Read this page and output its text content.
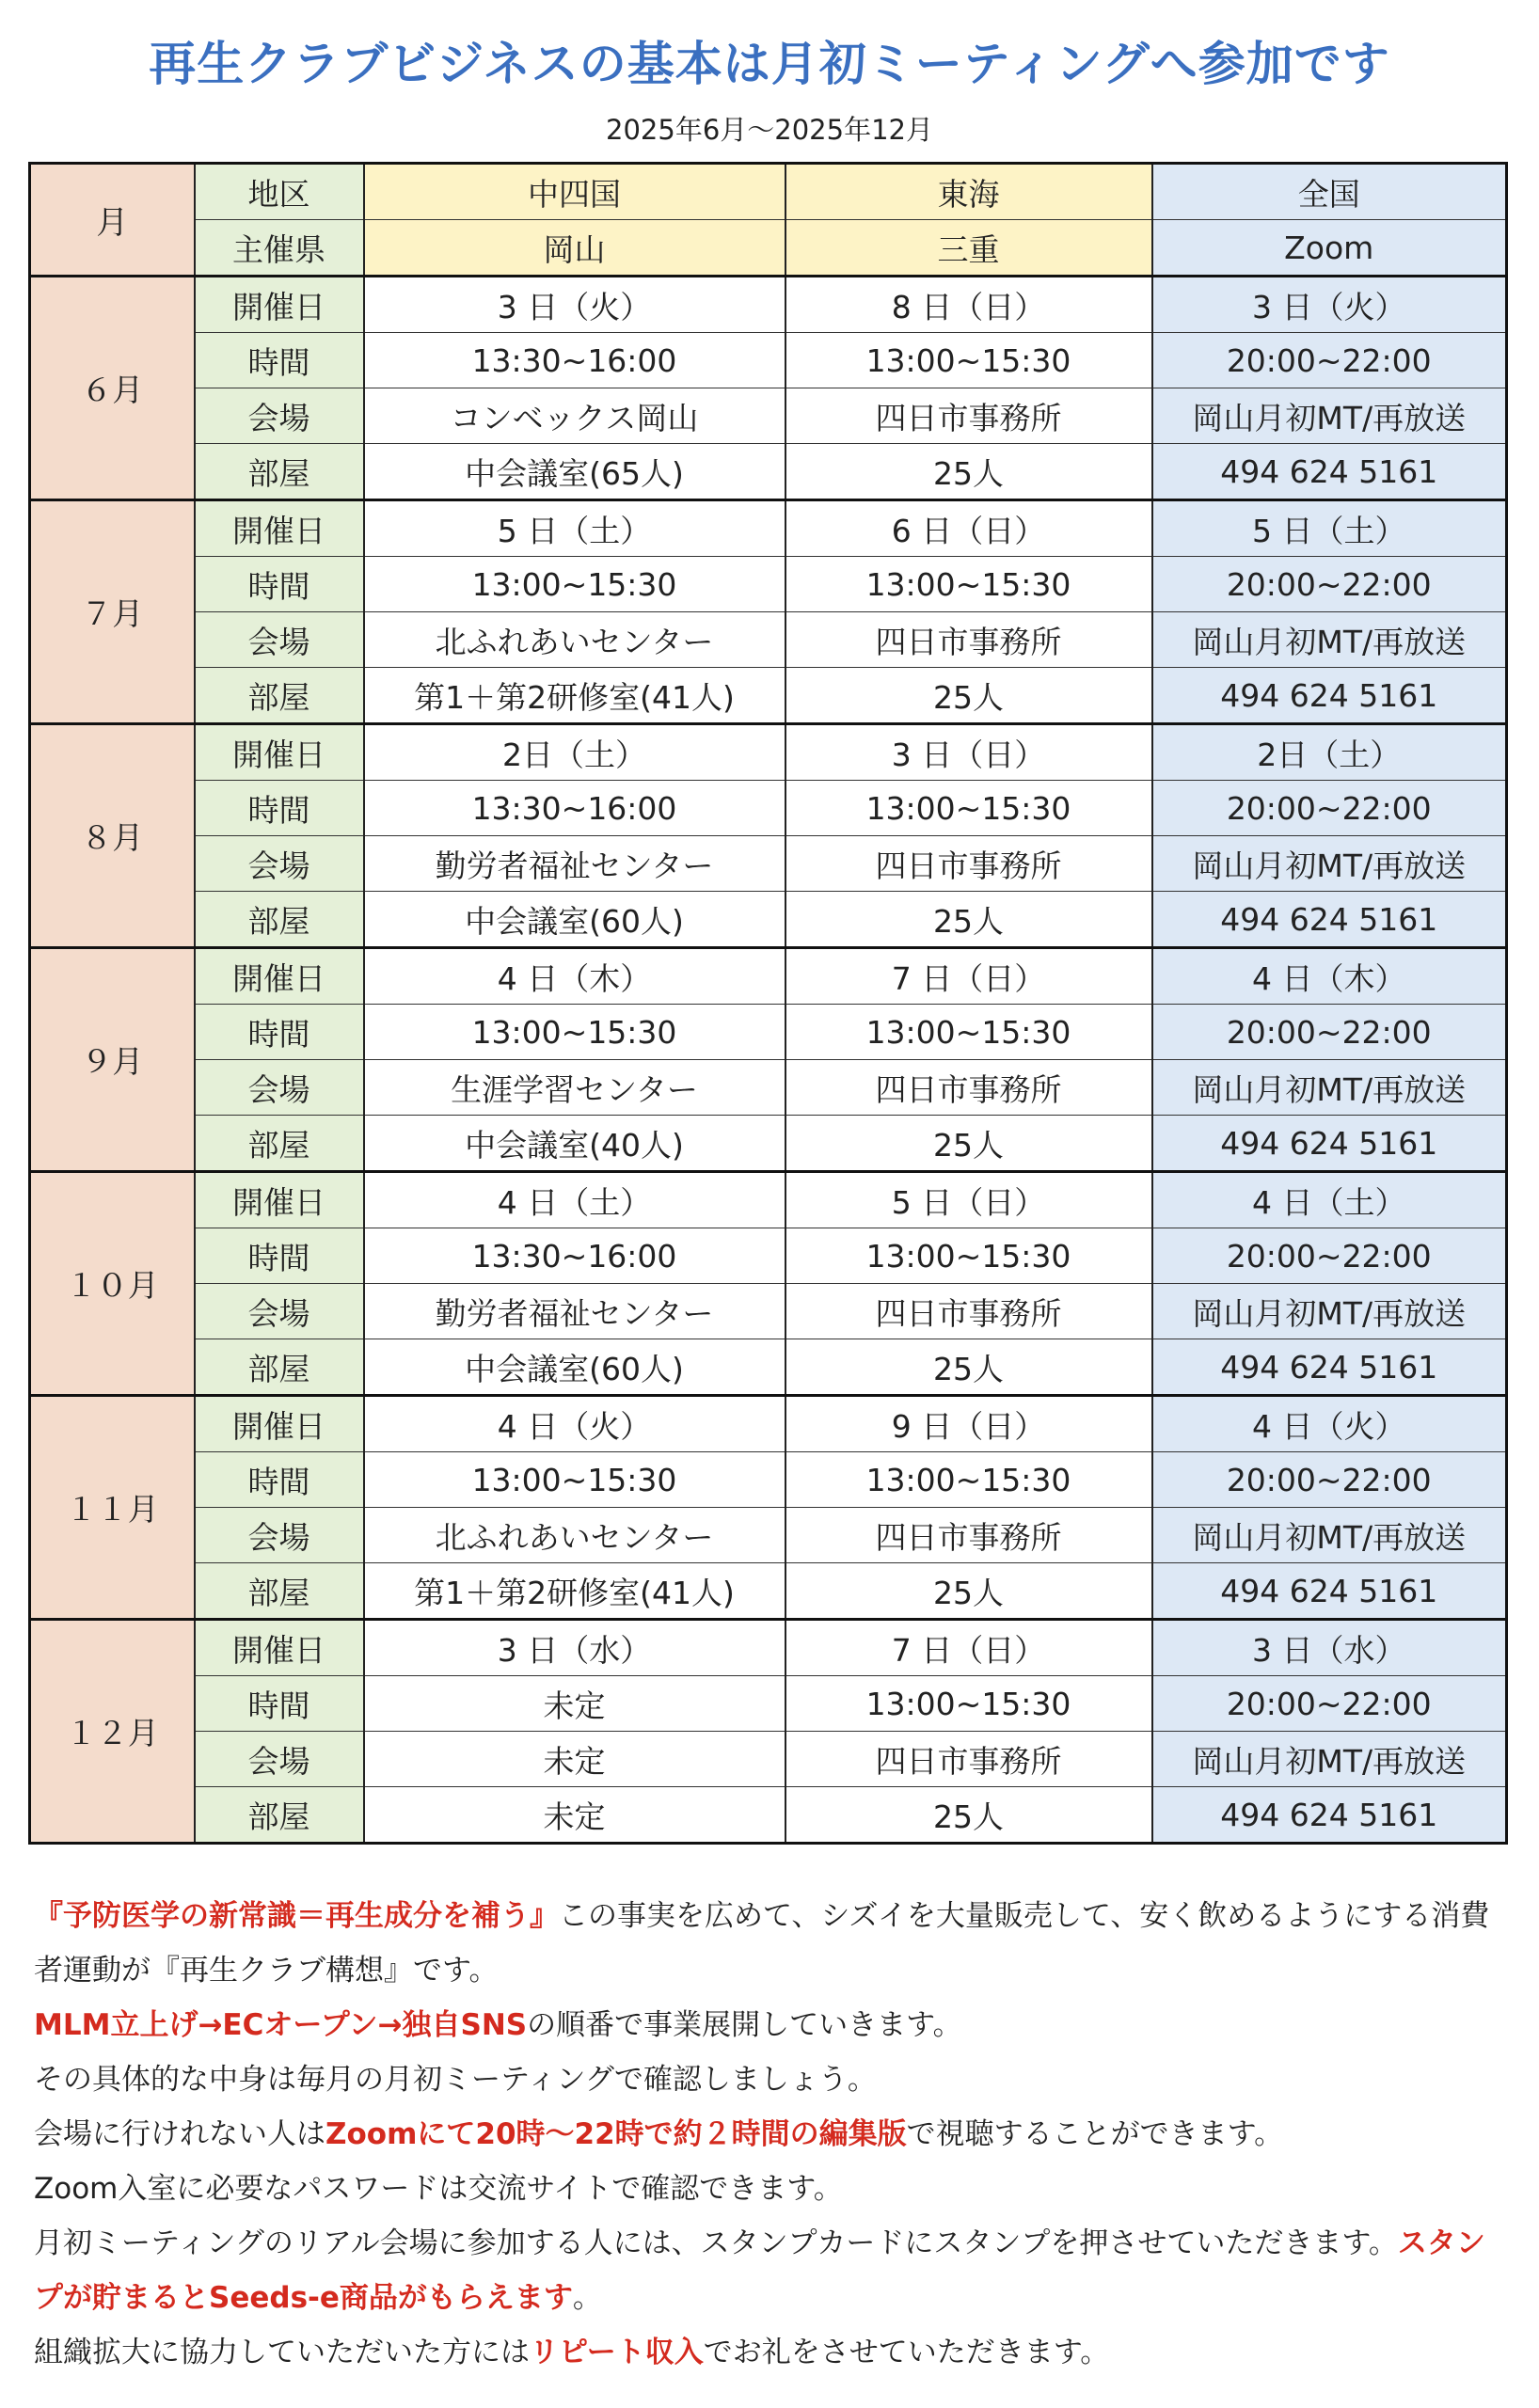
再生クラブビジネスの基本は月初ミーティングへ参加です
2025年6月～2025年12月
月	地区	中四国	東海	全国
	主催県	岡山	三重	Zoom
６月	開催日	3 日（火）	8 日（日）	3 日（火）
	時間	13:30~16:00	13:00~15:30	20:00~22:00
	会場	コンベックス岡山	四日市事務所	岡山月初MT/再放送
	部屋	中会議室(65人)	25人	494 624 5161
７月	開催日	5 日（土）	6 日（日）	5 日（土）
	時間	13:00~15:30	13:00~15:30	20:00~22:00
	会場	北ふれあいセンター	四日市事務所	岡山月初MT/再放送
	部屋	第1＋第2研修室(41人)	25人	494 624 5161
８月	開催日	2日（土）	3 日（日）	2日（土）
	時間	13:30~16:00	13:00~15:30	20:00~22:00
	会場	勤労者福祉センター	四日市事務所	岡山月初MT/再放送
	部屋	中会議室(60人)	25人	494 624 5161
９月	開催日	4 日（木）	7 日（日）	4 日（木）
	時間	13:00~15:30	13:00~15:30	20:00~22:00
	会場	生涯学習センター	四日市事務所	岡山月初MT/再放送
	部屋	中会議室(40人)	25人	494 624 5161
１０月	開催日	4 日（土）	5 日（日）	4 日（土）
	時間	13:30~16:00	13:00~15:30	20:00~22:00
	会場	勤労者福祉センター	四日市事務所	岡山月初MT/再放送
	部屋	中会議室(60人)	25人	494 624 5161
１１月	開催日	4 日（火）	9 日（日）	4 日（火）
	時間	13:00~15:30	13:00~15:30	20:00~22:00
	会場	北ふれあいセンター	四日市事務所	岡山月初MT/再放送
	部屋	第1＋第2研修室(41人)	25人	494 624 5161
１２月	開催日	3 日（水）	7 日（日）	3 日（水）
	時間	未定	13:00~15:30	20:00~22:00
	会場	未定	四日市事務所	岡山月初MT/再放送
	部屋	未定	25人	494 624 5161

『予防医学の新常識＝再生成分を補う』この事実を広めて、シズイを大量販売して、安く飲めるようにする消費者運動が『再生クラブ構想』です。

MLM立上げ→ECオープン→独自SNSの順番で事業展開していきます。

その具体的な中身は毎月の月初ミーティングで確認しましょう。

会場に行けれない人はZoomにて20時～22時で約２時間の編集版で視聴することができます。

Zoom入室に必要なパスワードは交流サイトで確認できます。

月初ミーティングのリアル会場に参加する人には、スタンプカードにスタンプを押させていただきます。スタンプが貯まるとSeeds-e商品がもらえます。

組織拡大に協力していただいた方にはリピート収入でお礼をさせていただきます。
